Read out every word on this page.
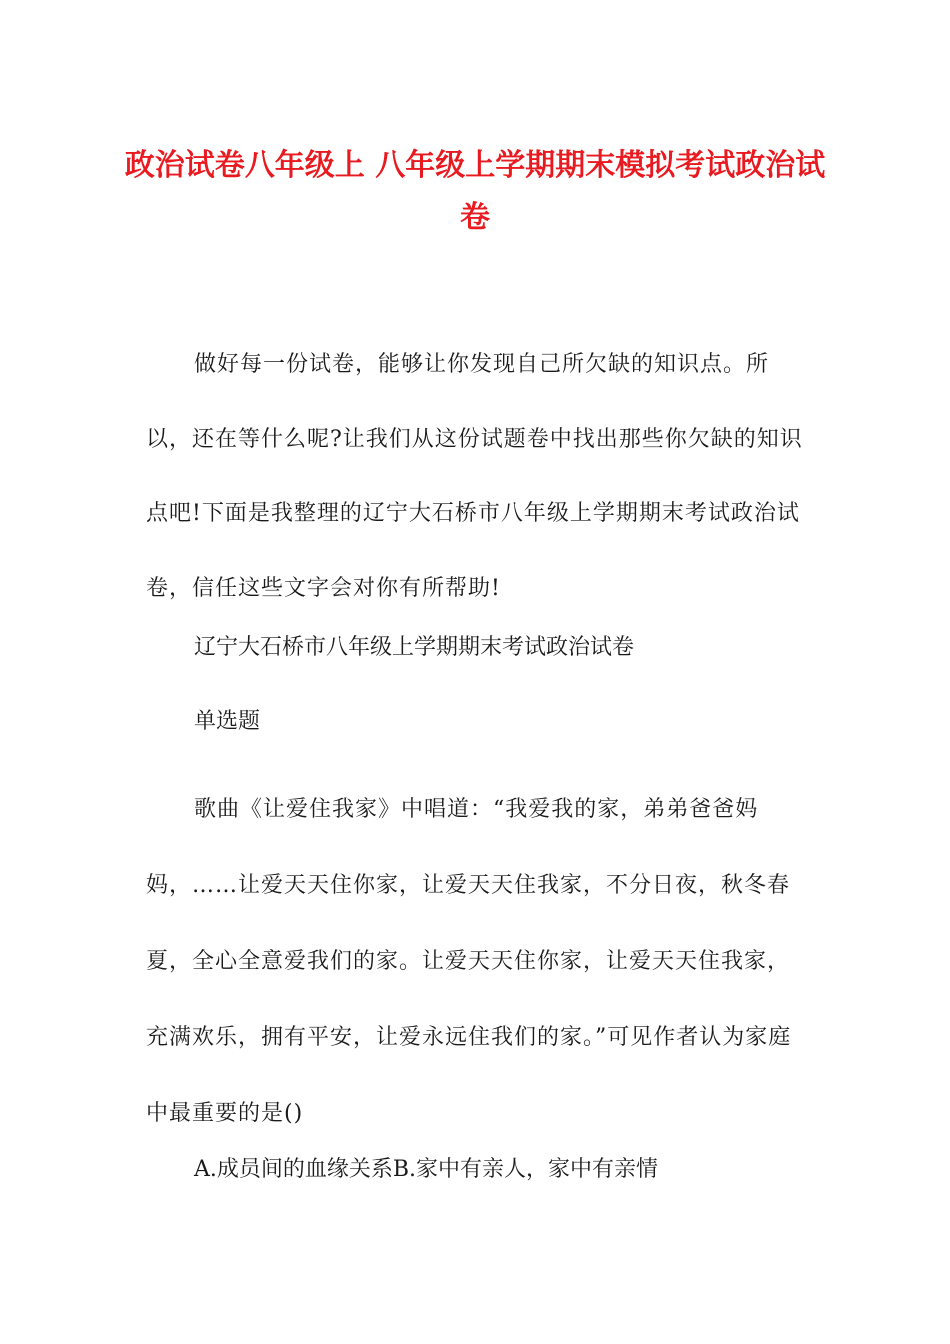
政治试卷八年级上 八年级上学期期末模拟考试政治试卷

做好每一份试卷，能够让你发现自己所欠缺的知识点。所以，还在等什么呢?让我们从这份试题卷中找出那些你欠缺的知识点吧!下面是我整理的辽宁大石桥市八年级上学期期末考试政治试卷，信任这些文字会对你有所帮助!

辽宁大石桥市八年级上学期期末考试政治试卷

单选题

歌曲《让爱住我家》中唱道：“我爱我的家，弟弟爸爸妈妈，……让爱天天住你家，让爱天天住我家，不分日夜，秋冬春夏，全心全意爱我们的家。让爱天天住你家，让爱天天住我家，充满欢乐，拥有平安，让爱永远住我们的家。”可见作者认为家庭中最重要的是()

A.成员间的血缘关系B.家中有亲人，家中有亲情
